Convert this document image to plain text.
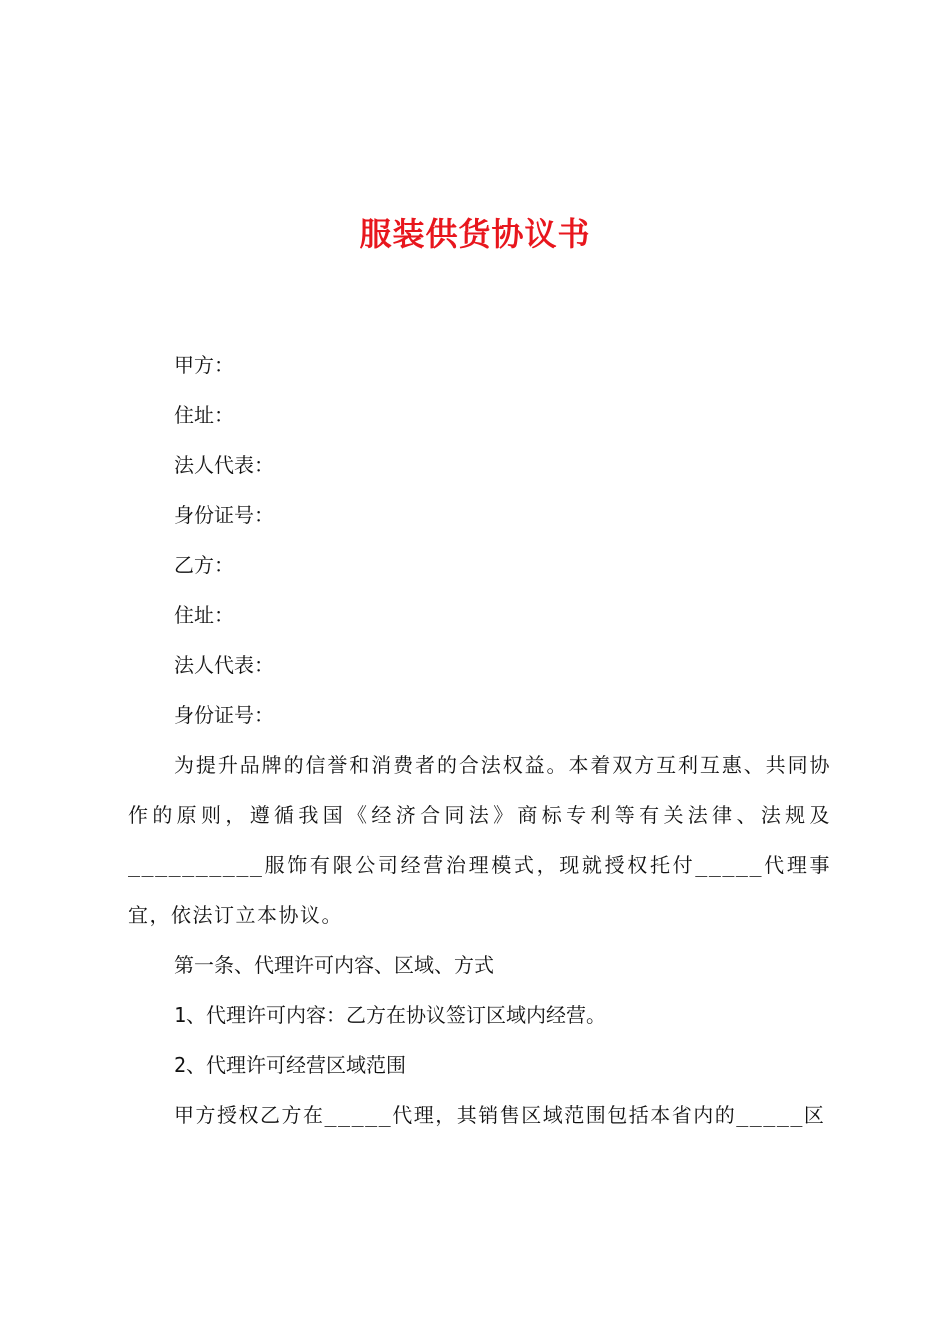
服装供货协议书

甲方：

住址：

法人代表：

身份证号：

乙方：

住址：

法人代表：

身份证号：

为提升品牌的信誉和消费者的合法权益。本着双方互利互惠、共同协作的原则，遵循我国《经济合同法》商标专利等有关法律、法规及__________服饰有限公司经营治理模式，现就授权托付_____代理事宜，依法订立本协议。

第一条、代理许可内容、区域、方式

1、代理许可内容：乙方在协议签订区域内经营。

2、代理许可经营区域范围

甲方授权乙方在_____代理，其销售区域范围包括本省内的_____区
